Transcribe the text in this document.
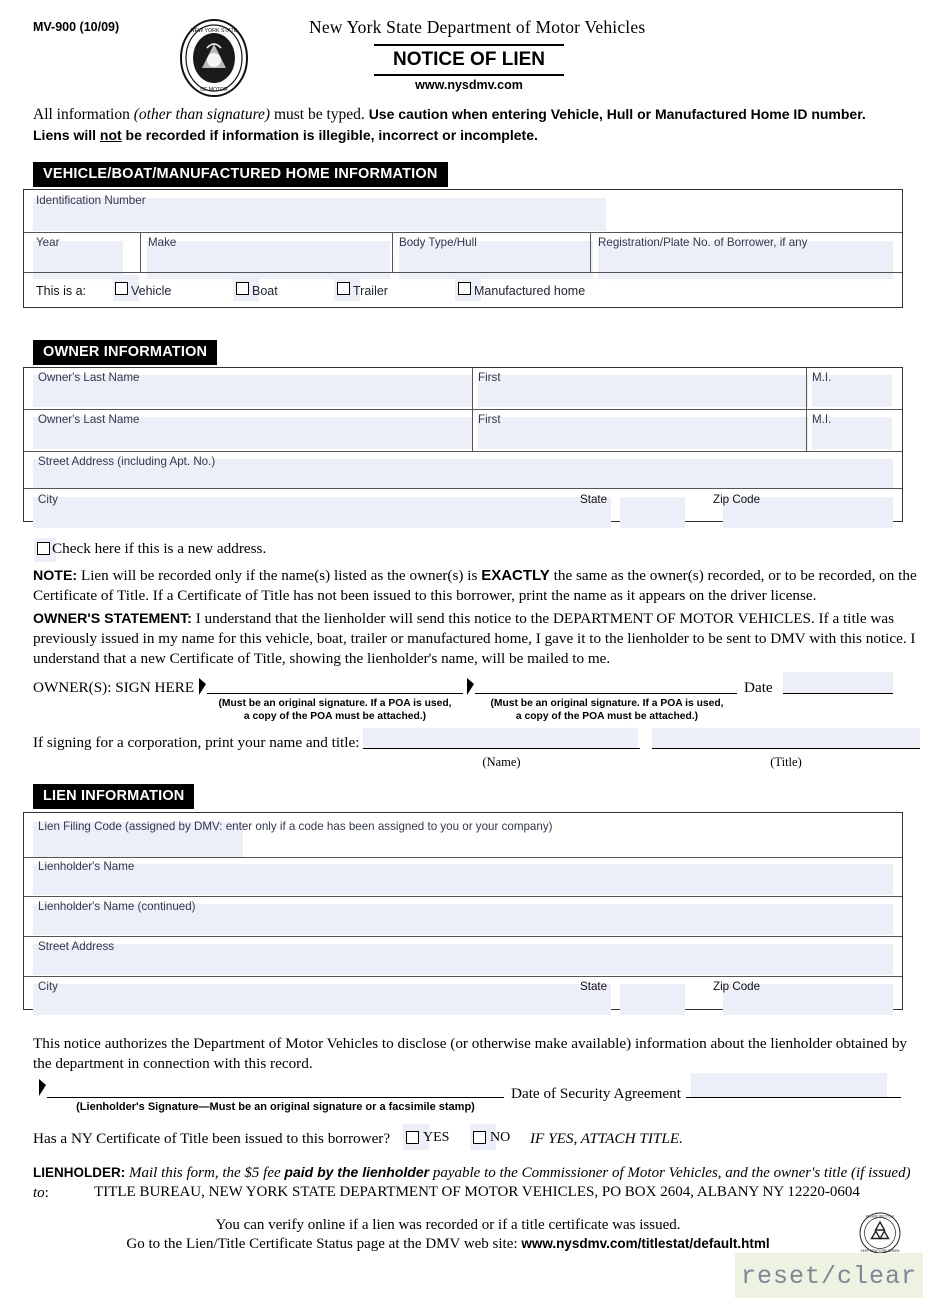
MV-900 (10/09)	NEW YORK STATE
OF MOTOR
New York State Department of Motor Vehicles
NOTICE OF LIEN
www.nysdmv.com
All information (other than signature) must be typed. Use caution when entering Vehicle, Hull or Manufactured Home ID number.
Liens will not be recorded if information is illegible, incorrect or incomplete.
VEHICLE/BOAT/MANUFACTURED HOME INFORMATION
Identification Number
Year	Make	Body Type/Hull	Registration/Plate No. of Borrower, if any
This is a:	Vehicle	Boat	Trailer	Manufactured home
OWNER INFORMATION
Owner's Last Name	First	M.I.
Owner's Last Name	First	M.I.
Street Address (including Apt. No.)
City	State	Zip Code
Check here if this is a new address.
NOTE: Lien will be recorded only if the name(s) listed as the owner(s) is EXACTLY the same as the owner(s) recorded, or to be recorded, on the Certificate of Title. If a Certificate of Title has not been issued to this borrower, print the name as it appears on the driver license.
OWNER'S STATEMENT: I understand that the lienholder will send this notice to the DEPARTMENT OF MOTOR VEHICLES. If a title was previously issued in my name for this vehicle, boat, trailer or manufactured home, I gave it to the lienholder to be sent to DMV with this notice. I understand that a new Certificate of Title, showing the lienholder's name, will be mailed to me.
OWNER(S): SIGN HERE	Date
(Must be an original signature. If a POA is used,
a copy of the POA must be attached.)
(Must be an original signature. If a POA is used,
a copy of the POA must be attached.)
If signing for a corporation, print your name and title:
(Name)	(Title)
LIEN INFORMATION
Lien Filing Code (assigned by DMV: enter only if a code has been assigned to you or your company)
Lienholder's Name
Lienholder's Name (continued)
Street Address
City	State	Zip Code
This notice authorizes the Department of Motor Vehicles to disclose (or otherwise make available) information about the lienholder obtained by the department in connection with this record.
Date of Security Agreement
(Lienholder's Signature—Must be an original signature or a facsimile stamp)
Has a NY Certificate of Title been issued to this borrower? YES	NO IF YES, ATTACH TITLE.
LIENHOLDER: Mail this form, the $5 fee paid by the lienholder payable to the Commissioner of Motor Vehicles, and the owner's title (if issued) to:	TITLE BUREAU, NEW YORK STATE DEPARTMENT OF MOTOR VEHICLES, PO BOX 2604, ALBANY NY 12220-0604
You can verify online if a lien was recorded or if a title certificate was issued.
Go to the Lien/Title Certificate Status page at the DMV web site: www.nysdmv.com/titlestat/default.html
PLEASE RECYCLE
KEEP NEW YORK GREEN
reset/clear
